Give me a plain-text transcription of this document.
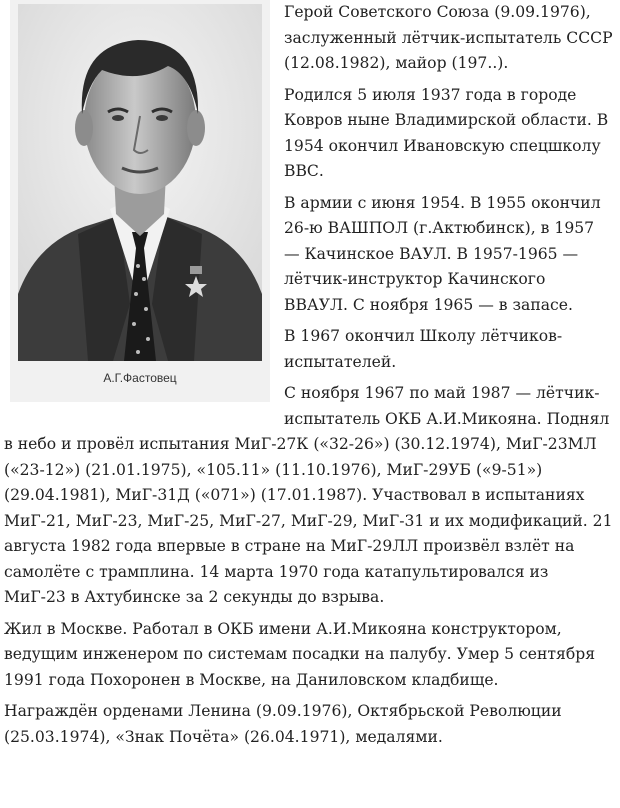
А.Г.Фастовец

Герой Советского Союза (9.09.1976), заслуженный лётчик-испытатель СССР (12.08.1982), майор (197..).

Родился 5 июля 1937 года в городе Ковров ныне Владимирской области. В 1954 окончил Ивановскую спецшколу ВВС.

В армии с июня 1954. В 1955 окончил 26-ю ВАШПОЛ (г.Актюбинск), в 1957 — Качинское ВАУЛ. В 1957-1965 — лётчик-инструктор Качинского ВВАУЛ. С ноября 1965 — в запасе.

В 1967 окончил Школу лётчиков-испытателей.

С ноября 1967 по май 1987 — лётчик-испытатель ОКБ А.И.Микояна. Поднял в небо и провёл испытания МиГ-27К («32-26») (30.12.1974), МиГ-23МЛ («23-12») (21.01.1975), «105.11» (11.10.1976), МиГ-29УБ («9-51») (29.04.1981), МиГ-31Д («071») (17.01.1987). Участвовал в испытаниях МиГ-21, МиГ-23, МиГ-25, МиГ-27, МиГ-29, МиГ-31 и их модификаций. 21 августа 1982 года впервые в стране на МиГ-29ЛЛ произвёл взлёт на самолёте с трамплина. 14 марта 1970 года катапультировался из МиГ-23 в Ахтубинске за 2 секунды до взрыва.

Жил в Москве. Работал в ОКБ имени А.И.Микояна конструктором, ведущим инженером по системам посадки на палубу. Умер 5 сентября 1991 года Похоронен в Москве, на Даниловском кладбище.

Награждён орденами Ленина (9.09.1976), Октябрьской Революции (25.03.1974), «Знак Почёта» (26.04.1971), медалями.
